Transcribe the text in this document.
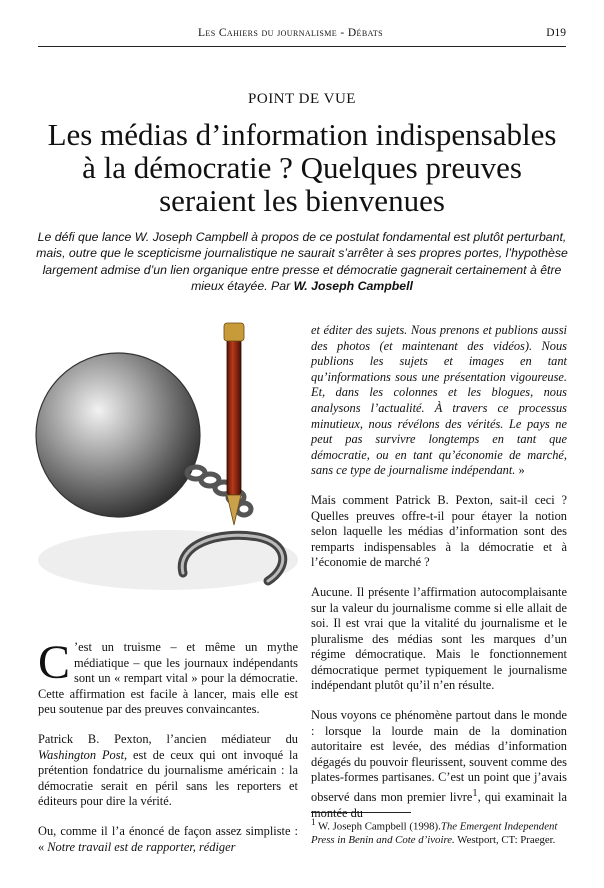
Les Cahiers du journalisme - Débats	D19
POINT DE VUE
Les médias d’information indispensables
à la démocratie ? Quelques preuves
seraient les bienvenues

Le défi que lance W. Joseph Campbell à propos de ce postulat fondamental est plutôt perturbant, mais, outre que le scepticisme journalistique ne saurait s’arrêter à ses propres portes, l’hypothèse largement admise d’un lien organique entre presse et démocratie gagnerait certainement à être mieux étayée. Par W. Joseph Campbell

C ’est un truisme – et même un mythe médiatique – que les journaux indépendants sont un « rempart vital » pour la démocratie. Cette affirmation est facile à lancer, mais elle est peu soutenue par des preuves convaincantes.

Patrick B. Pexton, l’ancien médiateur du Washington Post, est de ceux qui ont invoqué la prétention fondatrice du journalisme américain : la démocratie serait en péril sans les reporters et éditeurs pour dire la vérité.

Ou, comme il l’a énoncé de façon assez simpliste : « Notre travail est de rapporter, rédiger

et éditer des sujets. Nous prenons et publions aussi des photos (et maintenant des vidéos). Nous publions les sujets et images en tant qu’informations sous une présentation vigoureuse. Et, dans les colonnes et les blogues, nous analysons l’actualité. À travers ce processus minutieux, nous révélons des vérités. Le pays ne peut pas survivre longtemps en tant que démocratie, ou en tant qu’économie de marché, sans ce type de journalisme indépendant. »

Mais comment Patrick B. Pexton, sait-il ceci ? Quelles preuves offre-t-il pour étayer la notion selon laquelle les médias d’information sont des remparts indispensables à la démocratie et à l’économie de marché ?

Aucune. Il présente l’affirmation autocomplaisante sur la valeur du journalisme comme si elle allait de soi. Il est vrai que la vitalité du journalisme et le pluralisme des médias sont les marques d’un régime démocratique. Mais le fonctionnement démocratique permet typiquement le journalisme indépendant plutôt qu’il n’en résulte.

Nous voyons ce phénomène partout dans le monde : lorsque la lourde main de la domination autoritaire est levée, des médias d’information dégagés du pouvoir fleurissent, souvent comme des plates-formes partisanes. C’est un point que j’avais observé dans mon premier livre$^1$, qui examinait la montée du

$^1$ W. Joseph Campbell (1998).The Emergent Independent Press in Benin and Cote d’ivoire. Westport, CT: Praeger.
